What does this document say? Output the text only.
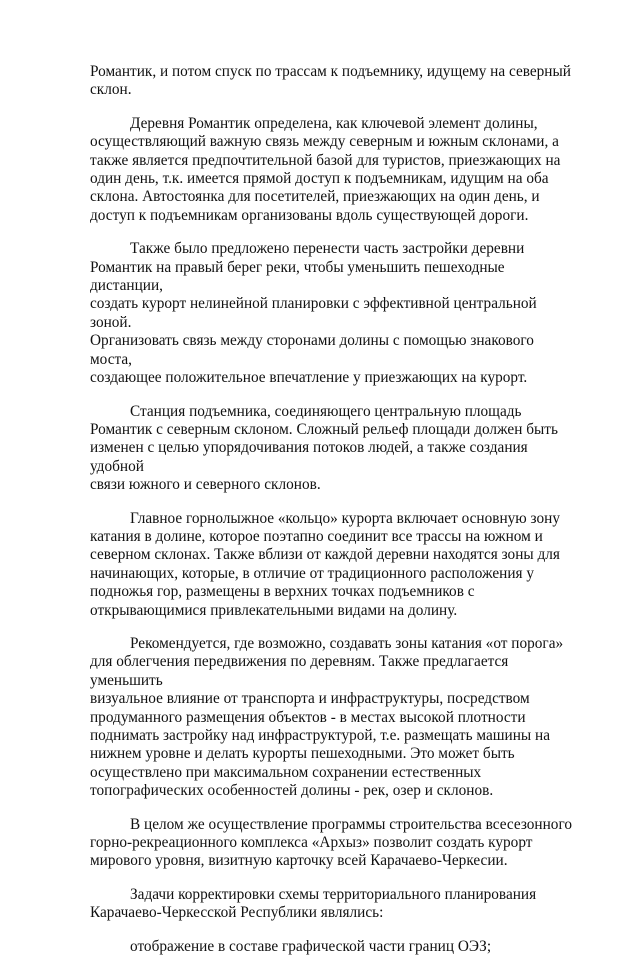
Романтик, и потом спуск по трассам к подъемнику, идущему на северный
склон.

Деревня Романтик определена, как ключевой элемент долины,
осуществляющий важную связь между северным и южным склонами, а
также является предпочтительной базой для туристов, приезжающих на
один день, т.к. имеется прямой доступ к подъемникам, идущим на оба
склона. Автостоянка для посетителей, приезжающих на один день, и
доступ к подъемникам организованы вдоль существующей дороги.

Также было предложено перенести часть застройки деревни
Романтик на правый берег реки, чтобы уменьшить пешеходные дистанции,
создать курорт нелинейной планировки с эффективной центральной зоной.
Организовать связь между сторонами долины с помощью знакового моста,
создающее положительное впечатление у приезжающих на курорт.

Станция подъемника, соединяющего центральную площадь
Романтик с северным склоном. Сложный рельеф площади должен быть
изменен с целью упорядочивания потоков людей, а также создания удобной
связи южного и северного склонов.

Главное горнолыжное «кольцо» курорта включает основную зону
катания в долине, которое поэтапно соединит все трассы на южном и
северном склонах. Также вблизи от каждой деревни находятся зоны для
начинающих, которые, в отличие от традиционного расположения у
подножья гор, размещены в верхних точках подъемников с
открывающимися привлекательными видами на долину.

Рекомендуется, где возможно, создавать зоны катания «от порога»
для облегчения передвижения по деревням. Также предлагается уменьшить
визуальное влияние от транспорта и инфраструктуры, посредством
продуманного размещения объектов - в местах высокой плотности
поднимать застройку над инфраструктурой, т.е. размещать машины на
нижнем уровне и делать курорты пешеходными. Это может быть
осуществлено при максимальном сохранении естественных
топографических особенностей долины - рек, озер и склонов.

В целом же осуществление программы строительства всесезонного
горно-рекреационного комплекса «Архыз» позволит создать курорт
мирового уровня, визитную карточку всей Карачаево-Черкесии.

Задачи корректировки схемы территориального планирования
Карачаево-Черкесской Республики являлись:

отображение в составе графической части границ ОЭЗ;
